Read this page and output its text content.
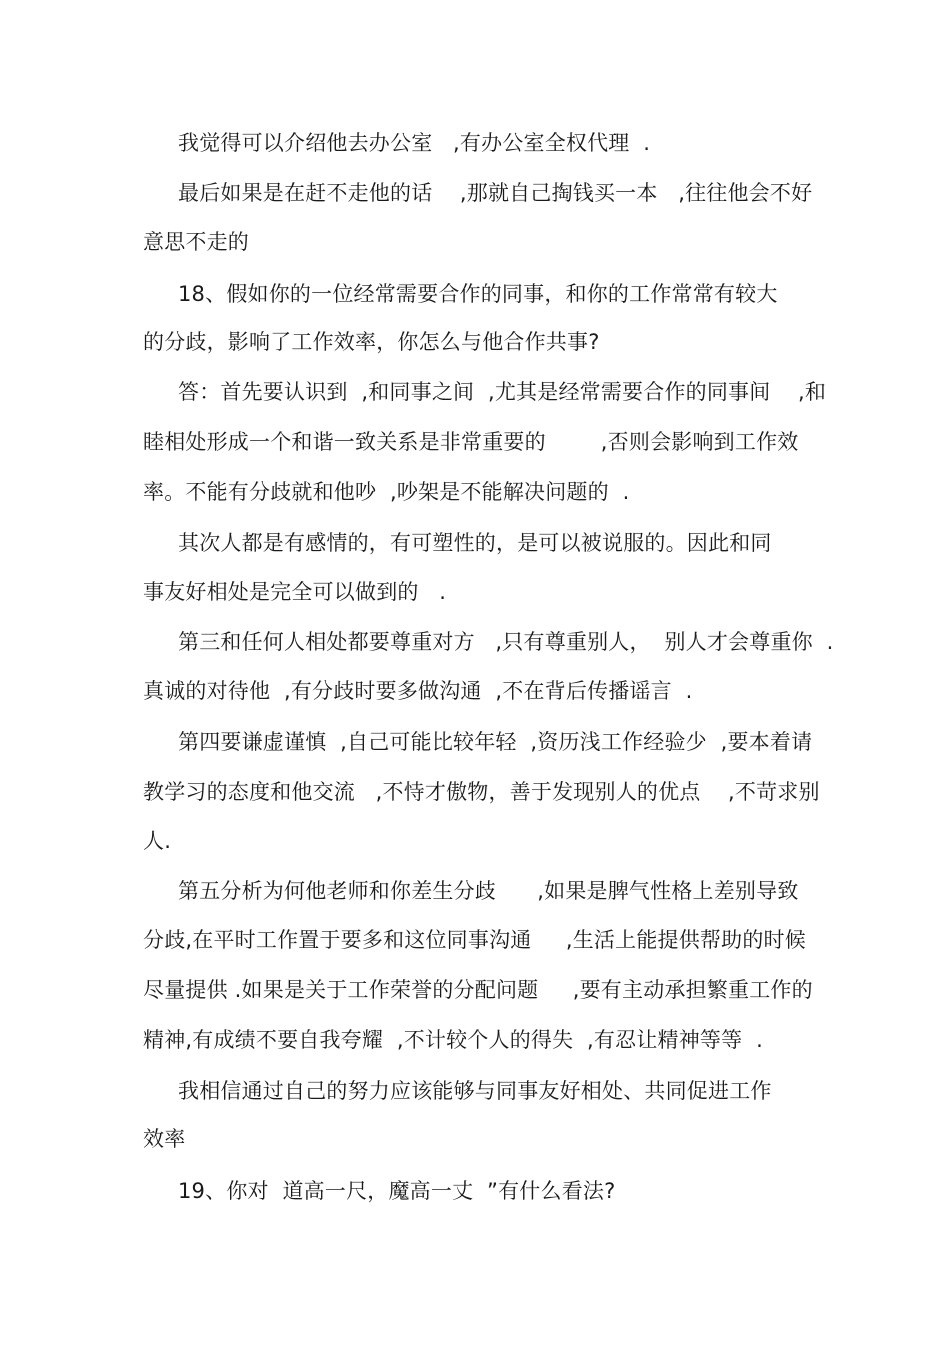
我觉得可以介绍他去办公室   ,有办公室全权代理  .
最后如果是在赶不走他的话    ,那就自己掏钱买一本   ,往往他会不好
意思不走的
18、假如你的一位经常需要合作的同事，和你的工作常常有较大
的分歧，影响了工作效率，你怎么与他合作共事?
答：首先要认识到  ,和同事之间  ,尤其是经常需要合作的同事间    ,和
睦相处形成一个和谐一致关系是非常重要的        ,否则会影响到工作效
率。不能有分歧就和他吵  ,吵架是不能解决问题的  .
其次人都是有感情的，有可塑性的，是可以被说服的。因此和同
事友好相处是完全可以做到的   .
第三和任何人相处都要尊重对方   ,只有尊重别人，  别人才会尊重你  .
真诚的对待他  ,有分歧时要多做沟通  ,不在背后传播谣言  .
第四要谦虚谨慎  ,自己可能比较年轻  ,资历浅工作经验少  ,要本着请
教学习的态度和他交流   ,不恃才傲物，善于发现别人的优点    ,不苛求别
人.
第五分析为何他老师和你差生分歧      ,如果是脾气性格上差别导致
分歧,在平时工作置于要多和这位同事沟通     ,生活上能提供帮助的时候
尽量提供 .如果是关于工作荣誉的分配问题     ,要有主动承担繁重工作的
精神,有成绩不要自我夸耀  ,不计较个人的得失  ,有忍让精神等等  .
我相信通过自己的努力应该能够与同事友好相处、共同促进工作
效率
19、你对  道高一尺，魔高一丈  ”有什么看法?
